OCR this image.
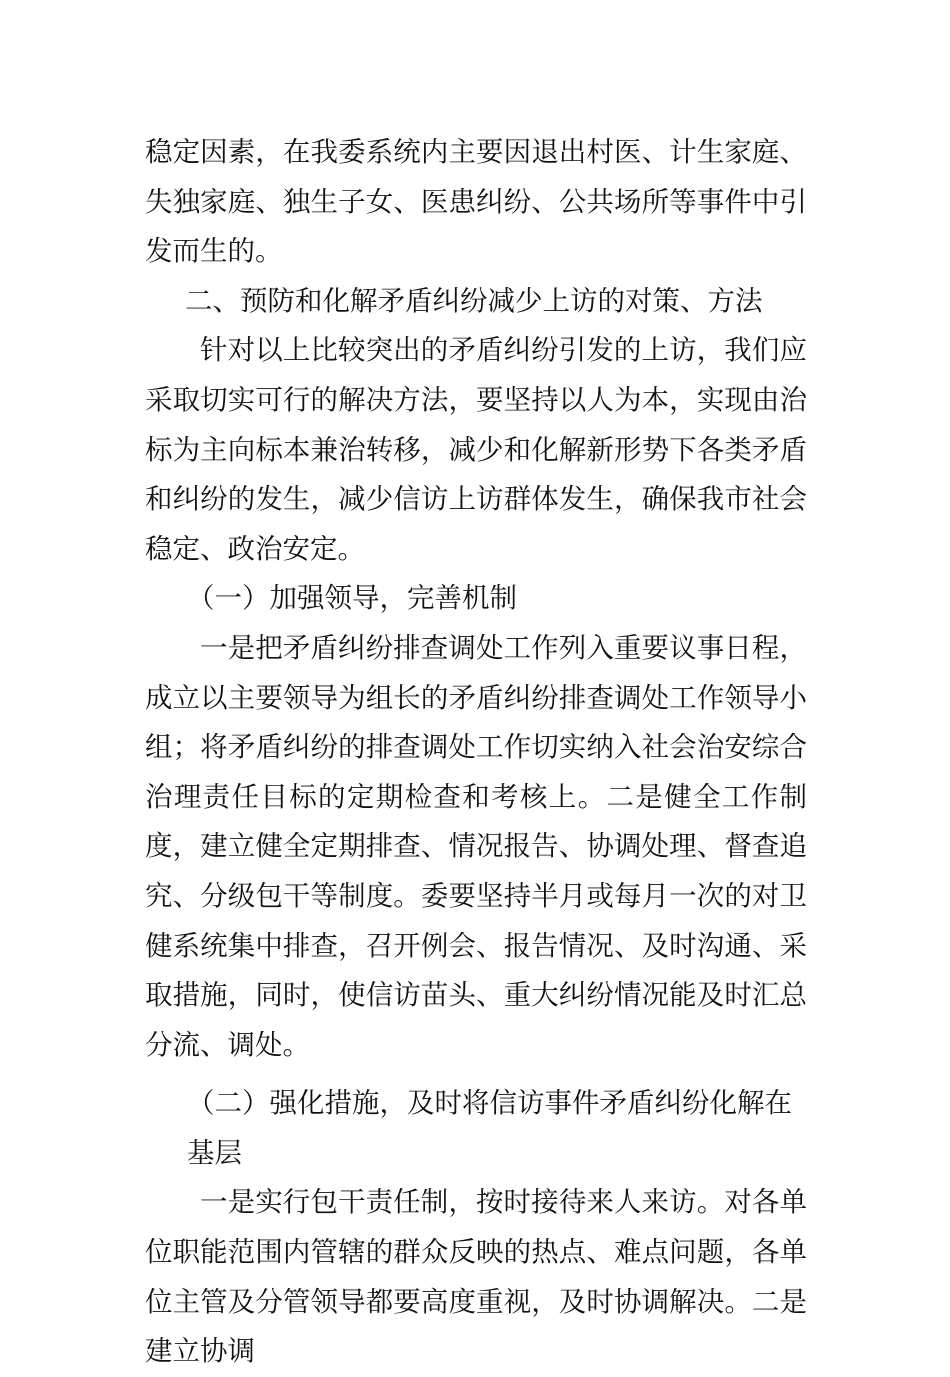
稳定因素，在我委系统内主要因退出村医、计生家庭、失独家庭、独生子女、医患纠纷、公共场所等事件中引发而生的。

二、预防和化解矛盾纠纷减少上访的对策、方法

针对以上比较突出的矛盾纠纷引发的上访，我们应采取切实可行的解决方法，要坚持以人为本，实现由治标为主向标本兼治转移，减少和化解新形势下各类矛盾和纠纷的发生，减少信访上访群体发生，确保我市社会稳定、政治安定。

（一）加强领导，完善机制

一是把矛盾纠纷排查调处工作列入重要议事日程，成立以主要领导为组长的矛盾纠纷排查调处工作领导小组；将矛盾纠纷的排查调处工作切实纳入社会治安综合治理责任目标的定期检查和考核上。二是健全工作制度，建立健全定期排查、情况报告、协调处理、督查追究、分级包干等制度。委要坚持半月或每月一次的对卫健系统集中排查，召开例会、报告情况、及时沟通、采取措施，同时，使信访苗头、重大纠纷情况能及时汇总分流、调处。

（二）强化措施，及时将信访事件矛盾纠纷化解在基层

一是实行包干责任制，按时接待来人来访。对各单位职能范围内管辖的群众反映的热点、难点问题，各单位主管及分管领导都要高度重视，及时协调解决。二是建立协调
